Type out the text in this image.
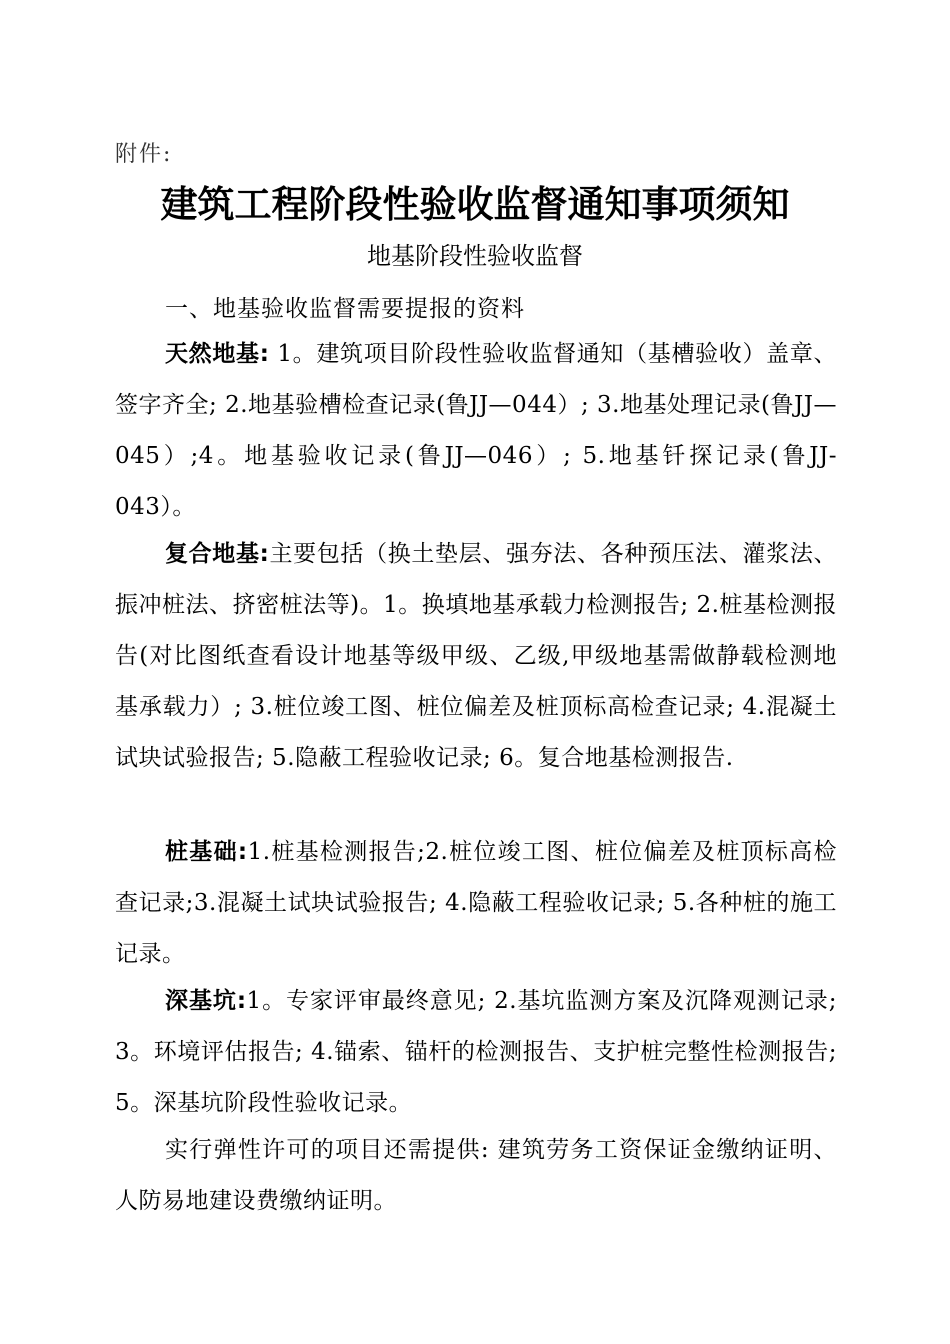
附件:
建筑工程阶段性验收监督通知事项须知
地基阶段性验收监督
一、地基验收监督需要提报的资料

天然地基: 1。建筑项目阶段性验收监督通知（基槽验收）盖章、签字齐全; 2.地基验槽检查记录(鲁JJ—044）; 3.地基处理记录(鲁JJ—045）;4。地基验收记录(鲁JJ—046）; 5.地基钎探记录(鲁JJ-043）。

复合地基:主要包括（换土垫层、强夯法、各种预压法、灌浆法、振冲桩法、挤密桩法等)。1。换填地基承载力检测报告; 2.桩基检测报告(对比图纸查看设计地基等级甲级、乙级,甲级地基需做静载检测地基承载力）; 3.桩位竣工图、桩位偏差及桩顶标高检查记录; 4.混凝土试块试验报告; 5.隐蔽工程验收记录; 6。复合地基检测报告.

桩基础:1.桩基检测报告;2.桩位竣工图、桩位偏差及桩顶标高检查记录;3.混凝土试块试验报告; 4.隐蔽工程验收记录; 5.各种桩的施工记录。

深基坑:1。专家评审最终意见; 2.基坑监测方案及沉降观测记录; 3。环境评估报告; 4.锚索、锚杆的检测报告、支护桩完整性检测报告; 5。深基坑阶段性验收记录。

实行弹性许可的项目还需提供: 建筑劳务工资保证金缴纳证明、人防易地建设费缴纳证明。
